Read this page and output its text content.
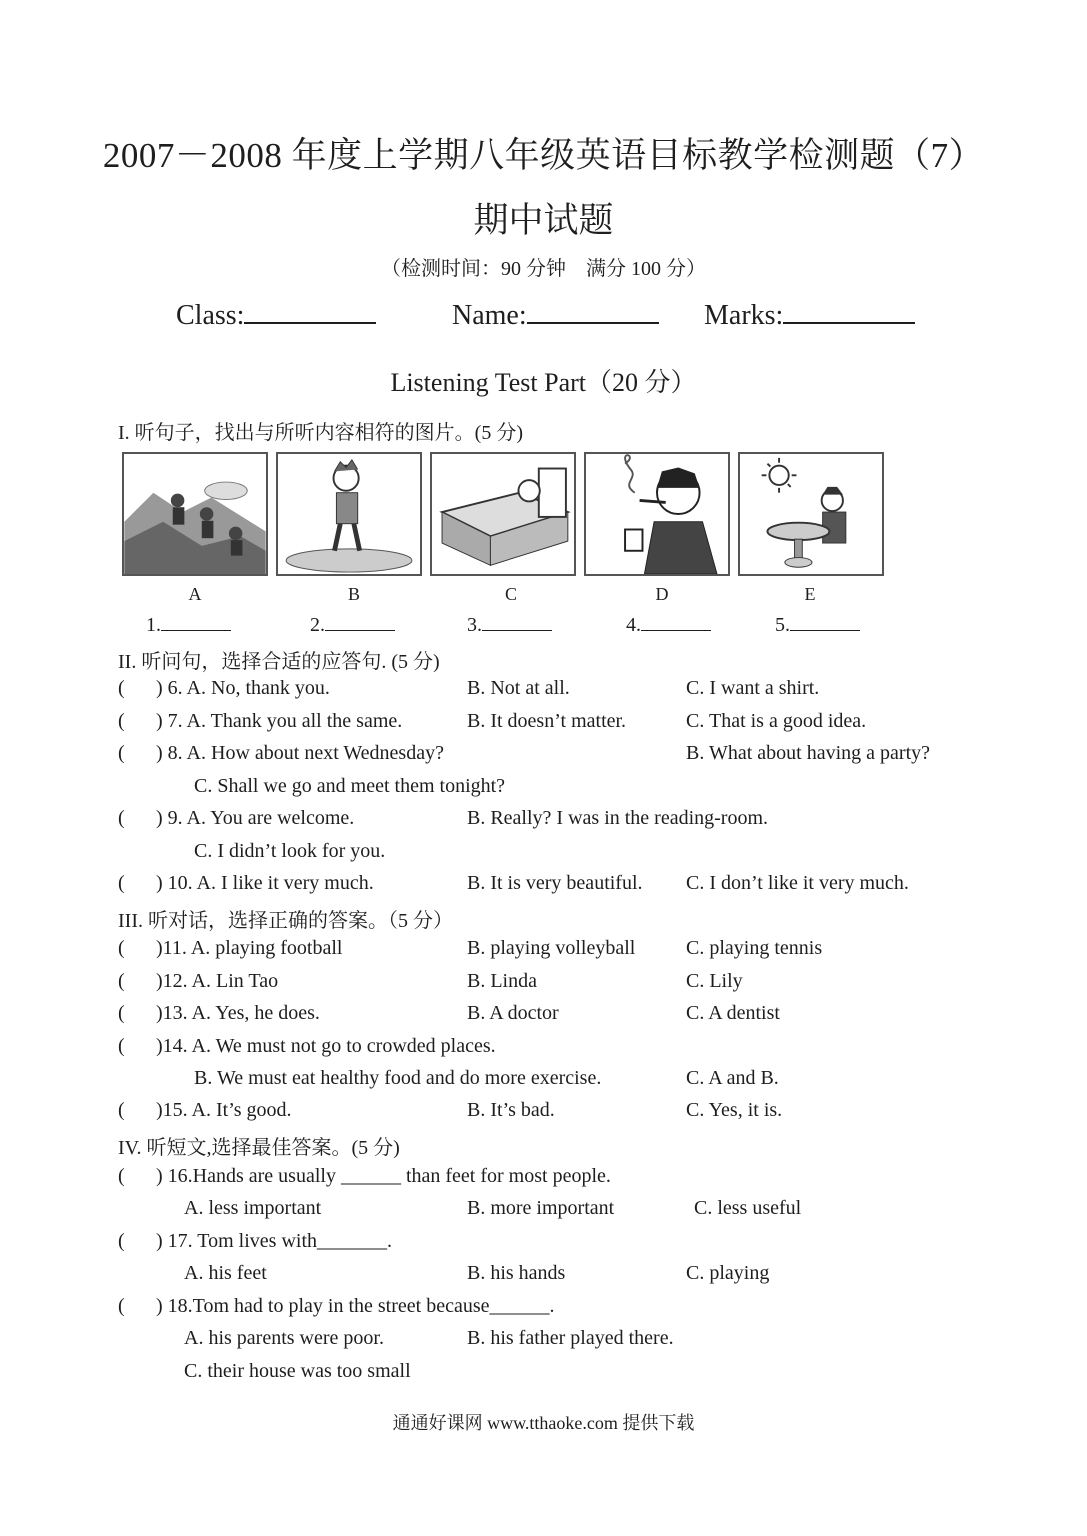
2007－2008 年度上学期八年级英语目标教学检测题（7）
期中试题
（检测时间：90 分钟　满分 100 分）
Class:	Name:	Marks:
Listening Test Part（20 分）
I. 听句子，找出与所听内容相符的图片。(5 分)
A	B	C	D	E
1.	2.	3.	4.	5.
II. 听问句，选择合适的应答句. (5 分)
( ) 6. A. No, thank you.	B. Not at all.	C. I want a shirt.
( ) 7. A. Thank you all the same.	B. It doesn’t matter.	C. That is a good idea.
( ) 8. A. How about next Wednesday?	B. What about having a party?
C. Shall we go and meet them tonight?
( ) 9. A. You are welcome.	B. Really? I was in the reading-room.
C. I didn’t look for you.
( ) 10. A. I like it very much.	B. It is very beautiful. C. I don’t like it very much.
III. 听对话，选择正确的答案。（5 分）
( )11. A. playing football	B. playing volleyball	C. playing tennis
( )12. A. Lin Tao	B. Linda	C. Lily
( )13. A. Yes, he does.	B. A doctor	C. A dentist
( )14. A. We must not go to crowded places.
B. We must eat healthy food and do more exercise.	C. A and B.
( )15. A. It’s good.	B. It’s bad.	C. Yes, it is.
IV. 听短文,选择最佳答案。(5 分)
( ) 16.Hands are usually ______ than feet for most people.
A. less important	B. more important	C. less useful
( ) 17. Tom lives with_______.
A. his feet	B. his hands	C. playing
( ) 18.Tom had to play in the street because______.
A. his parents were poor.	B. his father played there.
C. their house was too small
通通好课网 www.tthaoke.com 提供下载
